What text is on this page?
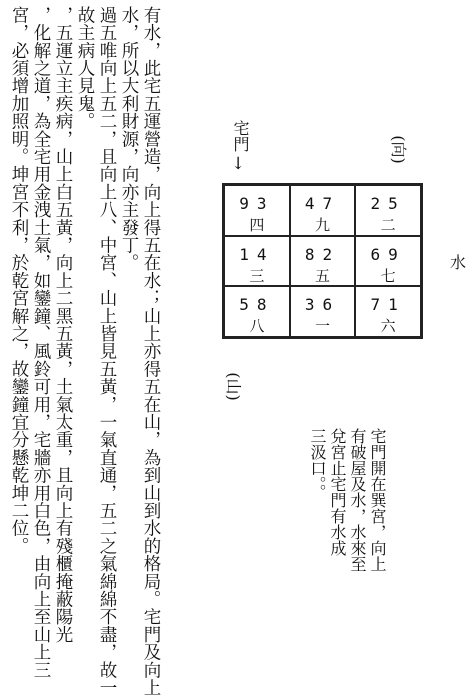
有水，此宅五運營造，向上得五在水；山上亦得五在山，為到山到水的格局。宅門及向上
水，所以大利財源，向亦主發丁。
過五唯向上五二，且向上八、中宮、山上皆見五黃，一氣直通，五二之氣綿綿不盡，故一
故主病人見鬼。
，五運立主疾病，山上白五黃，向上二黑五黃，土氣太重，且向上有殘櫃掩蔽陽光
，化解之道，為全宅用金洩土氣，如鑾鐘、風鈴可用，宅牆亦用白色，由向上至山上三
宮，必須增加照明。坤宮不利，於乾宮解之，故鑾鐘宜分懸乾坤二位。	宅門
↓
(向)
(山)
水
93
四
47
九
25
二
14
三
82
五
69
七
58
八
36
一
71
六
宅門開在巽宮，向上
有破屋及水，水來至
兌宮止宅門有水成
三汲口。。
